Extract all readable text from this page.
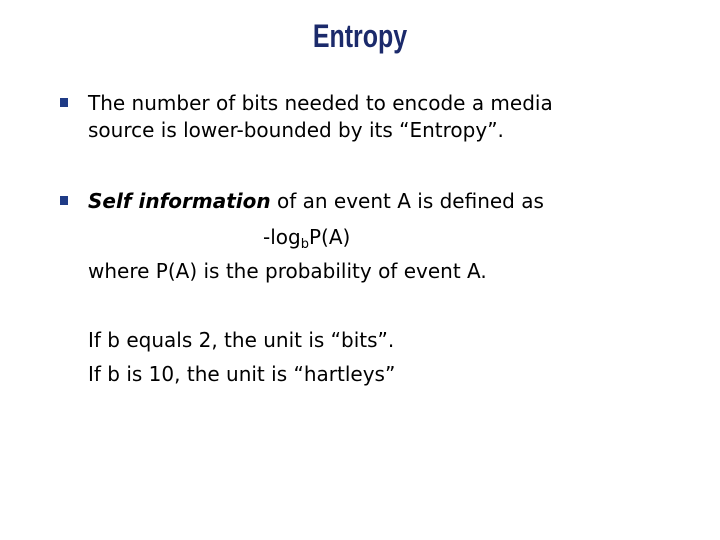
Entropy
The number of bits needed to encode a media
source is lower-bounded by its “Entropy”.
Self information of an event A is defined as
$-\log_bP(A)$
where P(A) is the probability of event A.
If b equals 2, the unit is “bits”.
If b is 10, the unit is “hartleys”
